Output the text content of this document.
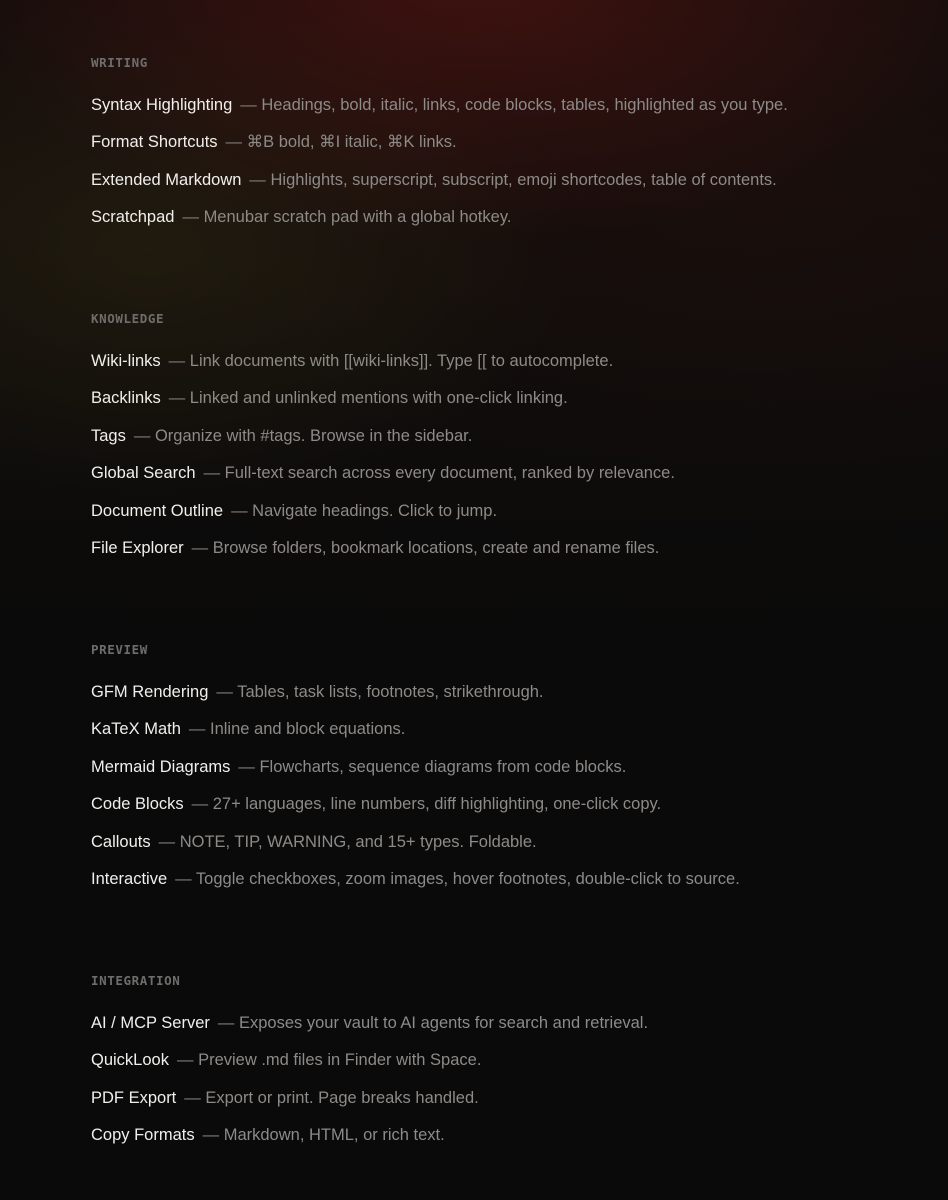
WRITING
Syntax Highlighting — Headings, bold, italic, links, code blocks, tables, highlighted as you type.
Format Shortcuts — ⌘B bold, ⌘I italic, ⌘K links.
Extended Markdown — Highlights, superscript, subscript, emoji shortcodes, table of contents.
Scratchpad — Menubar scratch pad with a global hotkey.
KNOWLEDGE
Wiki-links — Link documents with [[wiki-links]]. Type [[ to autocomplete.
Backlinks — Linked and unlinked mentions with one-click linking.
Tags — Organize with #tags. Browse in the sidebar.
Global Search — Full-text search across every document, ranked by relevance.
Document Outline — Navigate headings. Click to jump.
File Explorer — Browse folders, bookmark locations, create and rename files.
PREVIEW
GFM Rendering — Tables, task lists, footnotes, strikethrough.
KaTeX Math — Inline and block equations.
Mermaid Diagrams — Flowcharts, sequence diagrams from code blocks.
Code Blocks — 27+ languages, line numbers, diff highlighting, one-click copy.
Callouts — NOTE, TIP, WARNING, and 15+ types. Foldable.
Interactive — Toggle checkboxes, zoom images, hover footnotes, double-click to source.
INTEGRATION
AI / MCP Server — Exposes your vault to AI agents for search and retrieval.
QuickLook — Preview .md files in Finder with Space.
PDF Export — Export or print. Page breaks handled.
Copy Formats — Markdown, HTML, or rich text.
